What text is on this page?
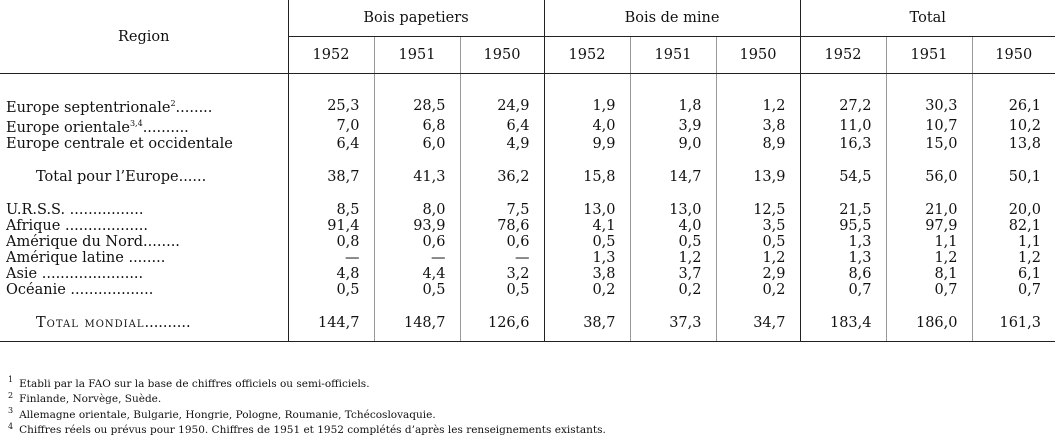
Region	Bois papetiers			Bois de mine			Total		
	1952	1951	1950	1952	1951	1950	1952	1951	1950

Europe septentrionale$^2$........	25,3	28,5	24,9	1,9	1,8	1,2	27,2	30,3	26,1
Europe orientale$^{3,4}$..........	7,0	6,8	6,4	4,0	3,9	3,8	11,0	10,7	10,2
Europe centrale et occidentale	6,4	6,0	4,9	9,9	9,0	8,9	16,3	15,0	13,8

Total pour l’Europe......	38,7	41,3	36,2	15,8	14,7	13,9	54,5	56,0	50,1

U.R.S.S. ................	8,5	8,0	7,5	13,0	13,0	12,5	21,5	21,0	20,0
Afrique ..................	91,4	93,9	78,6	4,1	4,0	3,5	95,5	97,9	82,1
Amérique du Nord........	0,8	0,6	0,6	0,5	0,5	0,5	1,3	1,1	1,1
Amérique latine ........	—	—	—	1,3	1,2	1,2	1,3	1,2	1,2
Asie ......................	4,8	4,4	3,2	3,8	3,7	2,9	8,6	8,1	6,1
Océanie ..................	0,5	0,5	0,5	0,2	0,2	0,2	0,7	0,7	0,7

Total mondial..........	144,7	148,7	126,6	38,7	37,3	34,7	183,4	186,0	161,3

$^1$ Etabli par la FAO sur la base de chiffres officiels ou semi-officiels.
$^2$ Finlande, Norvège, Suède.
$^3$ Allemagne orientale, Bulgarie, Hongrie, Pologne, Roumanie, Tchécoslovaquie.
$^4$ Chiffres réels ou prévus pour 1950. Chiffres de 1951 et 1952 complétés d’après les renseignements existants.
